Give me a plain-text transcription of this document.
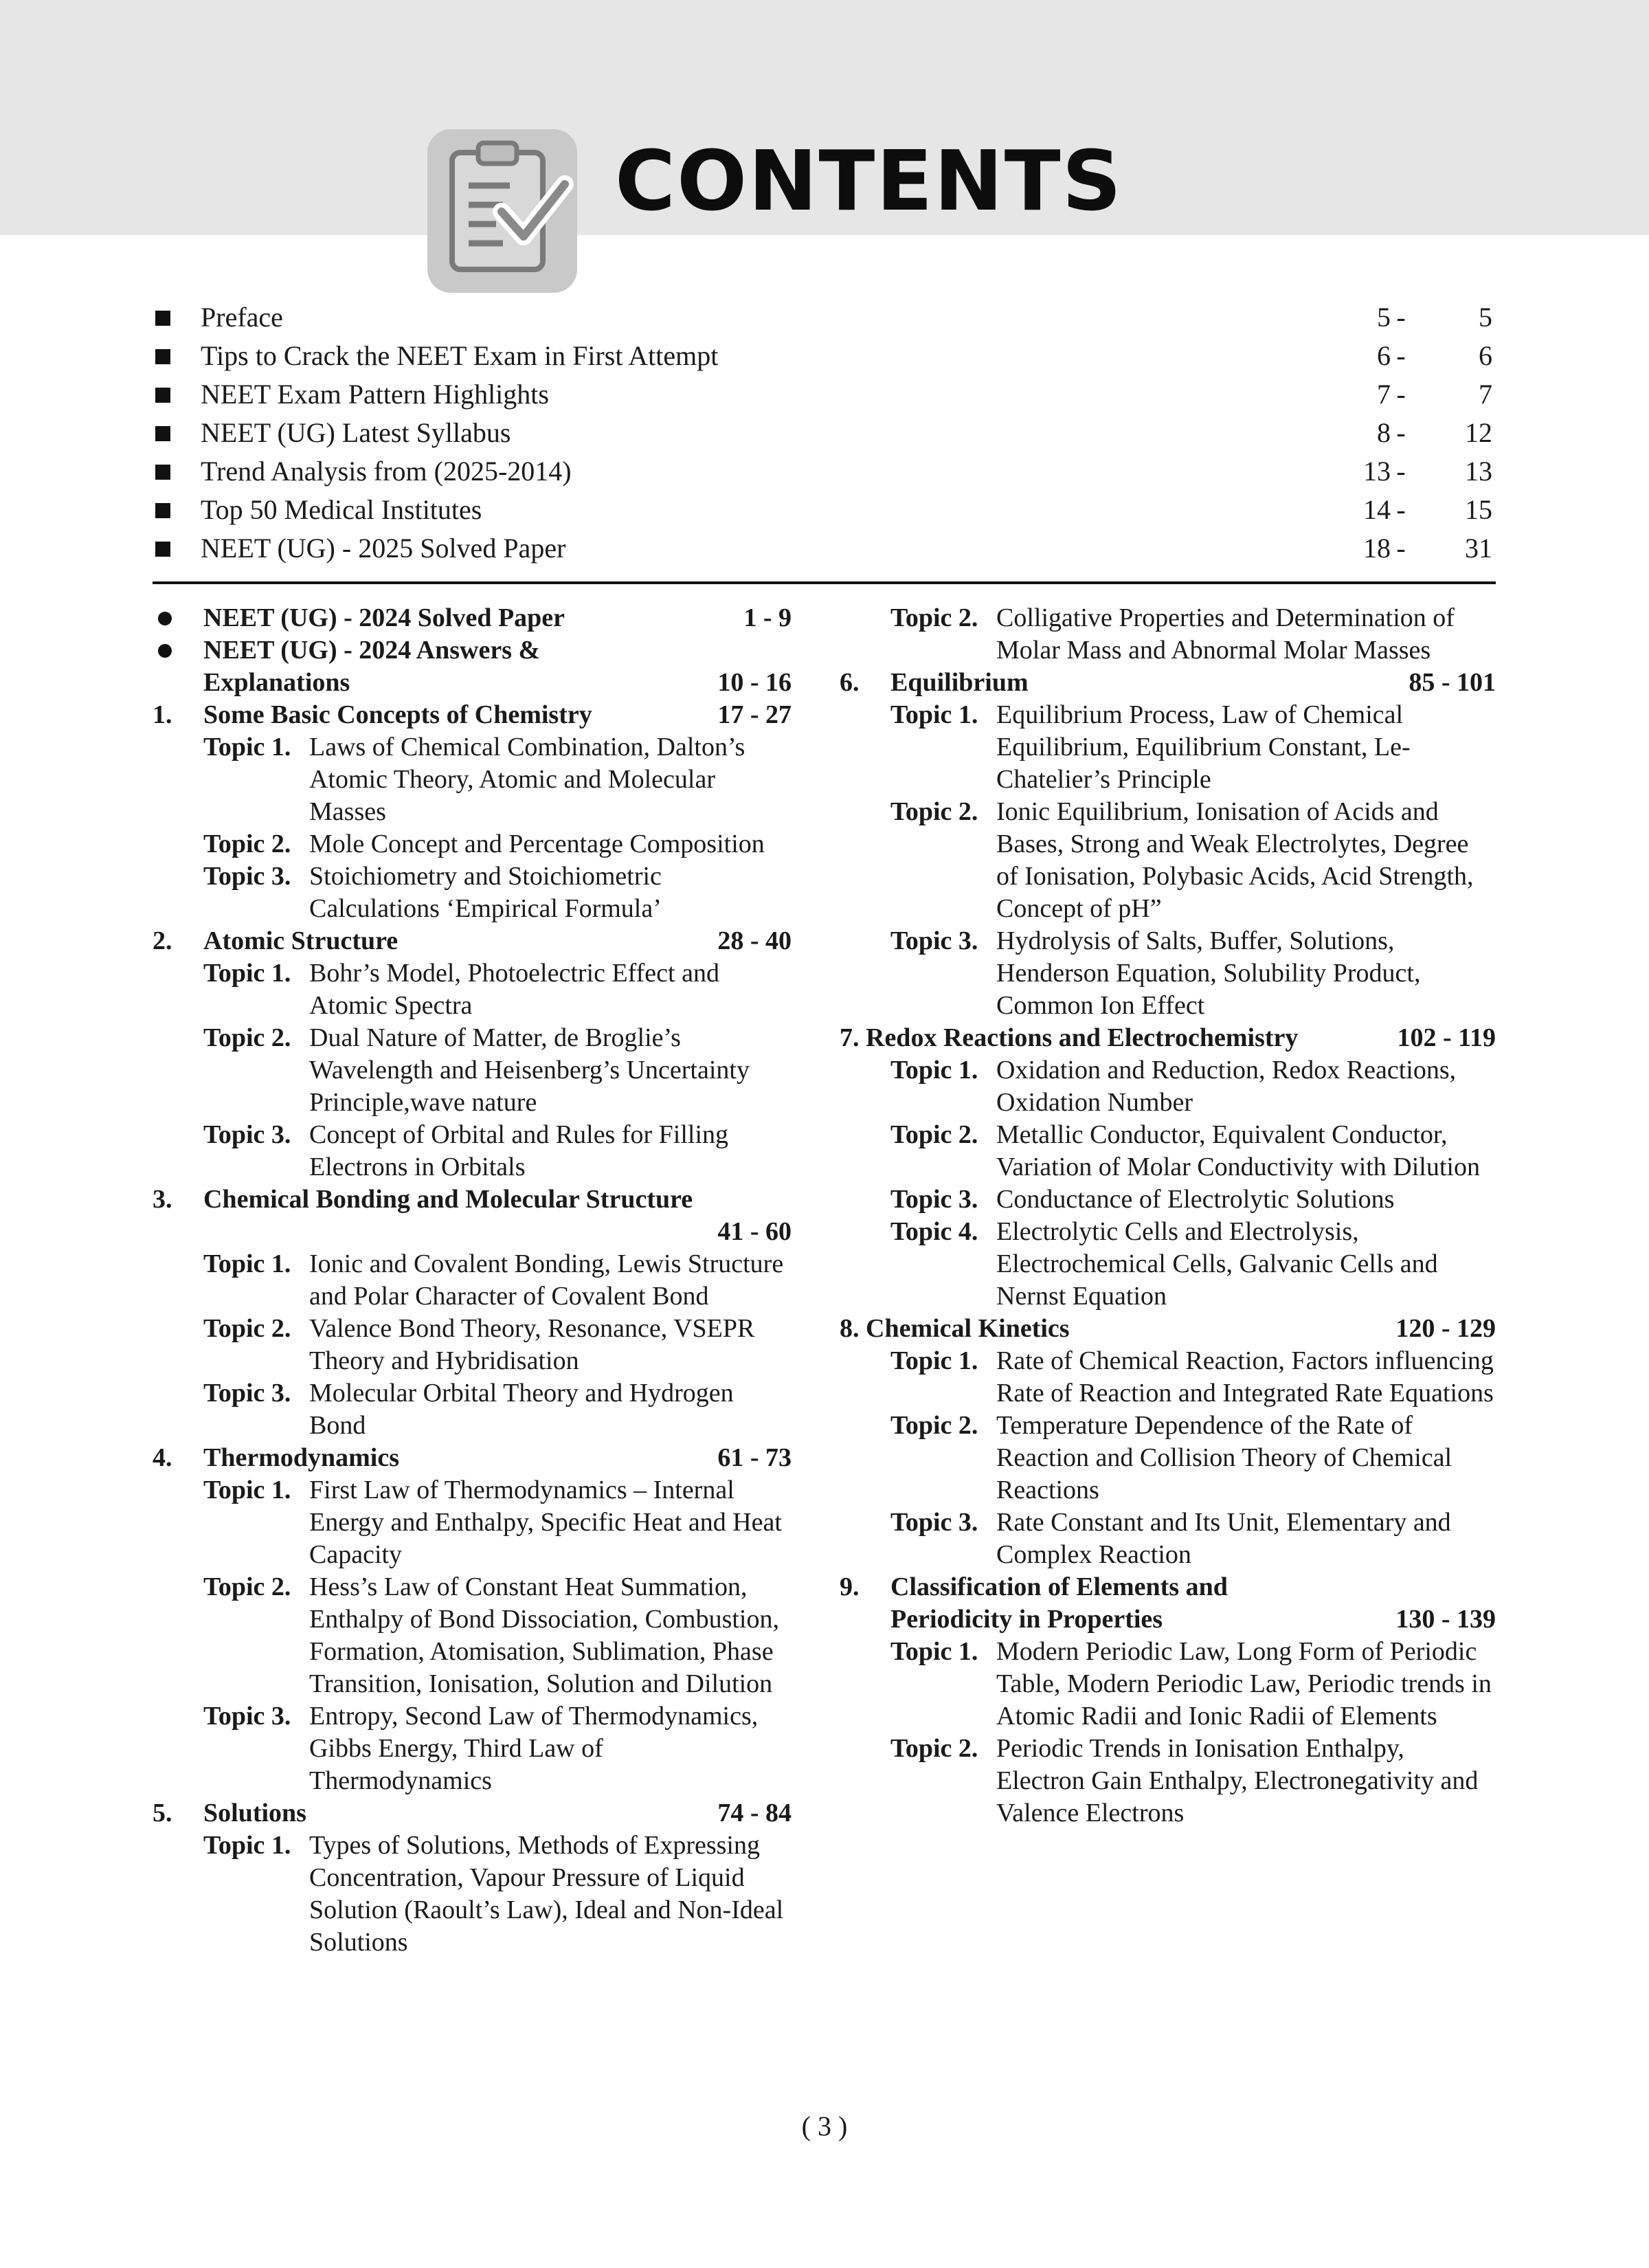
CONTENTS
Preface	5 -	5
Tips to Crack the NEET Exam in First Attempt	6 -	6
NEET Exam Pattern Highlights	7 -	7
NEET (UG) Latest Syllabus	8 -	12
Trend Analysis from (2025-2014)	13 -	13
Top 50 Medical Institutes	14 -	15
NEET (UG) - 2025 Solved Paper	18 -	31
NEET (UG) - 2024 Solved Paper	1 - 9
NEET (UG) - 2024 Answers &
Explanations	10 - 16
1.	Some Basic Concepts of Chemistry	17 - 27
Topic 1. Laws of Chemical Combination, Dalton’s Atomic Theory, Atomic and Molecular Masses
Topic 2. Mole Concept and Percentage Composition
Topic 3. Stoichiometry and Stoichiometric Calculations ‘Empirical Formula’
2.	Atomic Structure	28 - 40
Topic 1. Bohr’s Model, Photoelectric Effect and Atomic Spectra
Topic 2. Dual Nature of Matter, de Broglie’s Wavelength and Heisenberg’s Uncertainty Principle,wave nature
Topic 3. Concept of Orbital and Rules for Filling Electrons in Orbitals
3.	Chemical Bonding and Molecular Structure
41 - 60
Topic 1. Ionic and Covalent Bonding, Lewis Structure and Polar Character of Covalent Bond
Topic 2. Valence Bond Theory, Resonance, VSEPR Theory and Hybridisation
Topic 3. Molecular Orbital Theory and Hydrogen Bond
4.	Thermodynamics	61 - 73
Topic 1. First Law of Thermodynamics – Internal Energy and Enthalpy, Specific Heat and Heat Capacity
Topic 2. Hess’s Law of Constant Heat Summation, Enthalpy of Bond Dissociation, Combustion, Formation, Atomisation, Sublimation, Phase Transition, Ionisation, Solution and Dilution
Topic 3. Entropy, Second Law of Thermodynamics, Gibbs Energy, Third Law of Thermodynamics
5.	Solutions	74 - 84
Topic 1. Types of Solutions, Methods of Expressing Concentration, Vapour Pressure of Liquid Solution (Raoult’s Law), Ideal and Non-Ideal Solutions
Topic 2. Colligative Properties and Determination of Molar Mass and Abnormal Molar Masses
6.	Equilibrium	85 - 101
Topic 1. Equilibrium Process, Law of Chemical Equilibrium, Equilibrium Constant, Le-Chatelier’s Principle
Topic 2. Ionic Equilibrium, Ionisation of Acids and Bases, Strong and Weak Electrolytes, Degree of Ionisation, Polybasic Acids, Acid Strength, Concept of pH”
Topic 3. Hydrolysis of Salts, Buffer, Solutions, Henderson Equation, Solubility Product, Common Ion Effect
7. Redox Reactions and Electrochemistry	102 - 119
Topic 1. Oxidation and Reduction, Redox Reactions, Oxidation Number
Topic 2. Metallic Conductor, Equivalent Conductor, Variation of Molar Conductivity with Dilution
Topic 3. Conductance of Electrolytic Solutions
Topic 4. Electrolytic Cells and Electrolysis, Electrochemical Cells, Galvanic Cells and Nernst Equation
8. Chemical Kinetics	120 - 129
Topic 1. Rate of Chemical Reaction, Factors influencing Rate of Reaction and Integrated Rate Equations
Topic 2. Temperature Dependence of the Rate of Reaction and Collision Theory of Chemical Reactions
Topic 3. Rate Constant and Its Unit, Elementary and Complex Reaction
9.	Classification of Elements and
Periodicity in Properties	130 - 139
Topic 1. Modern Periodic Law, Long Form of Periodic Table, Modern Periodic Law, Periodic trends in Atomic Radii and Ionic Radii of Elements
Topic 2. Periodic Trends in Ionisation Enthalpy, Electron Gain Enthalpy, Electronegativity and Valence Electrons
( 3 )
